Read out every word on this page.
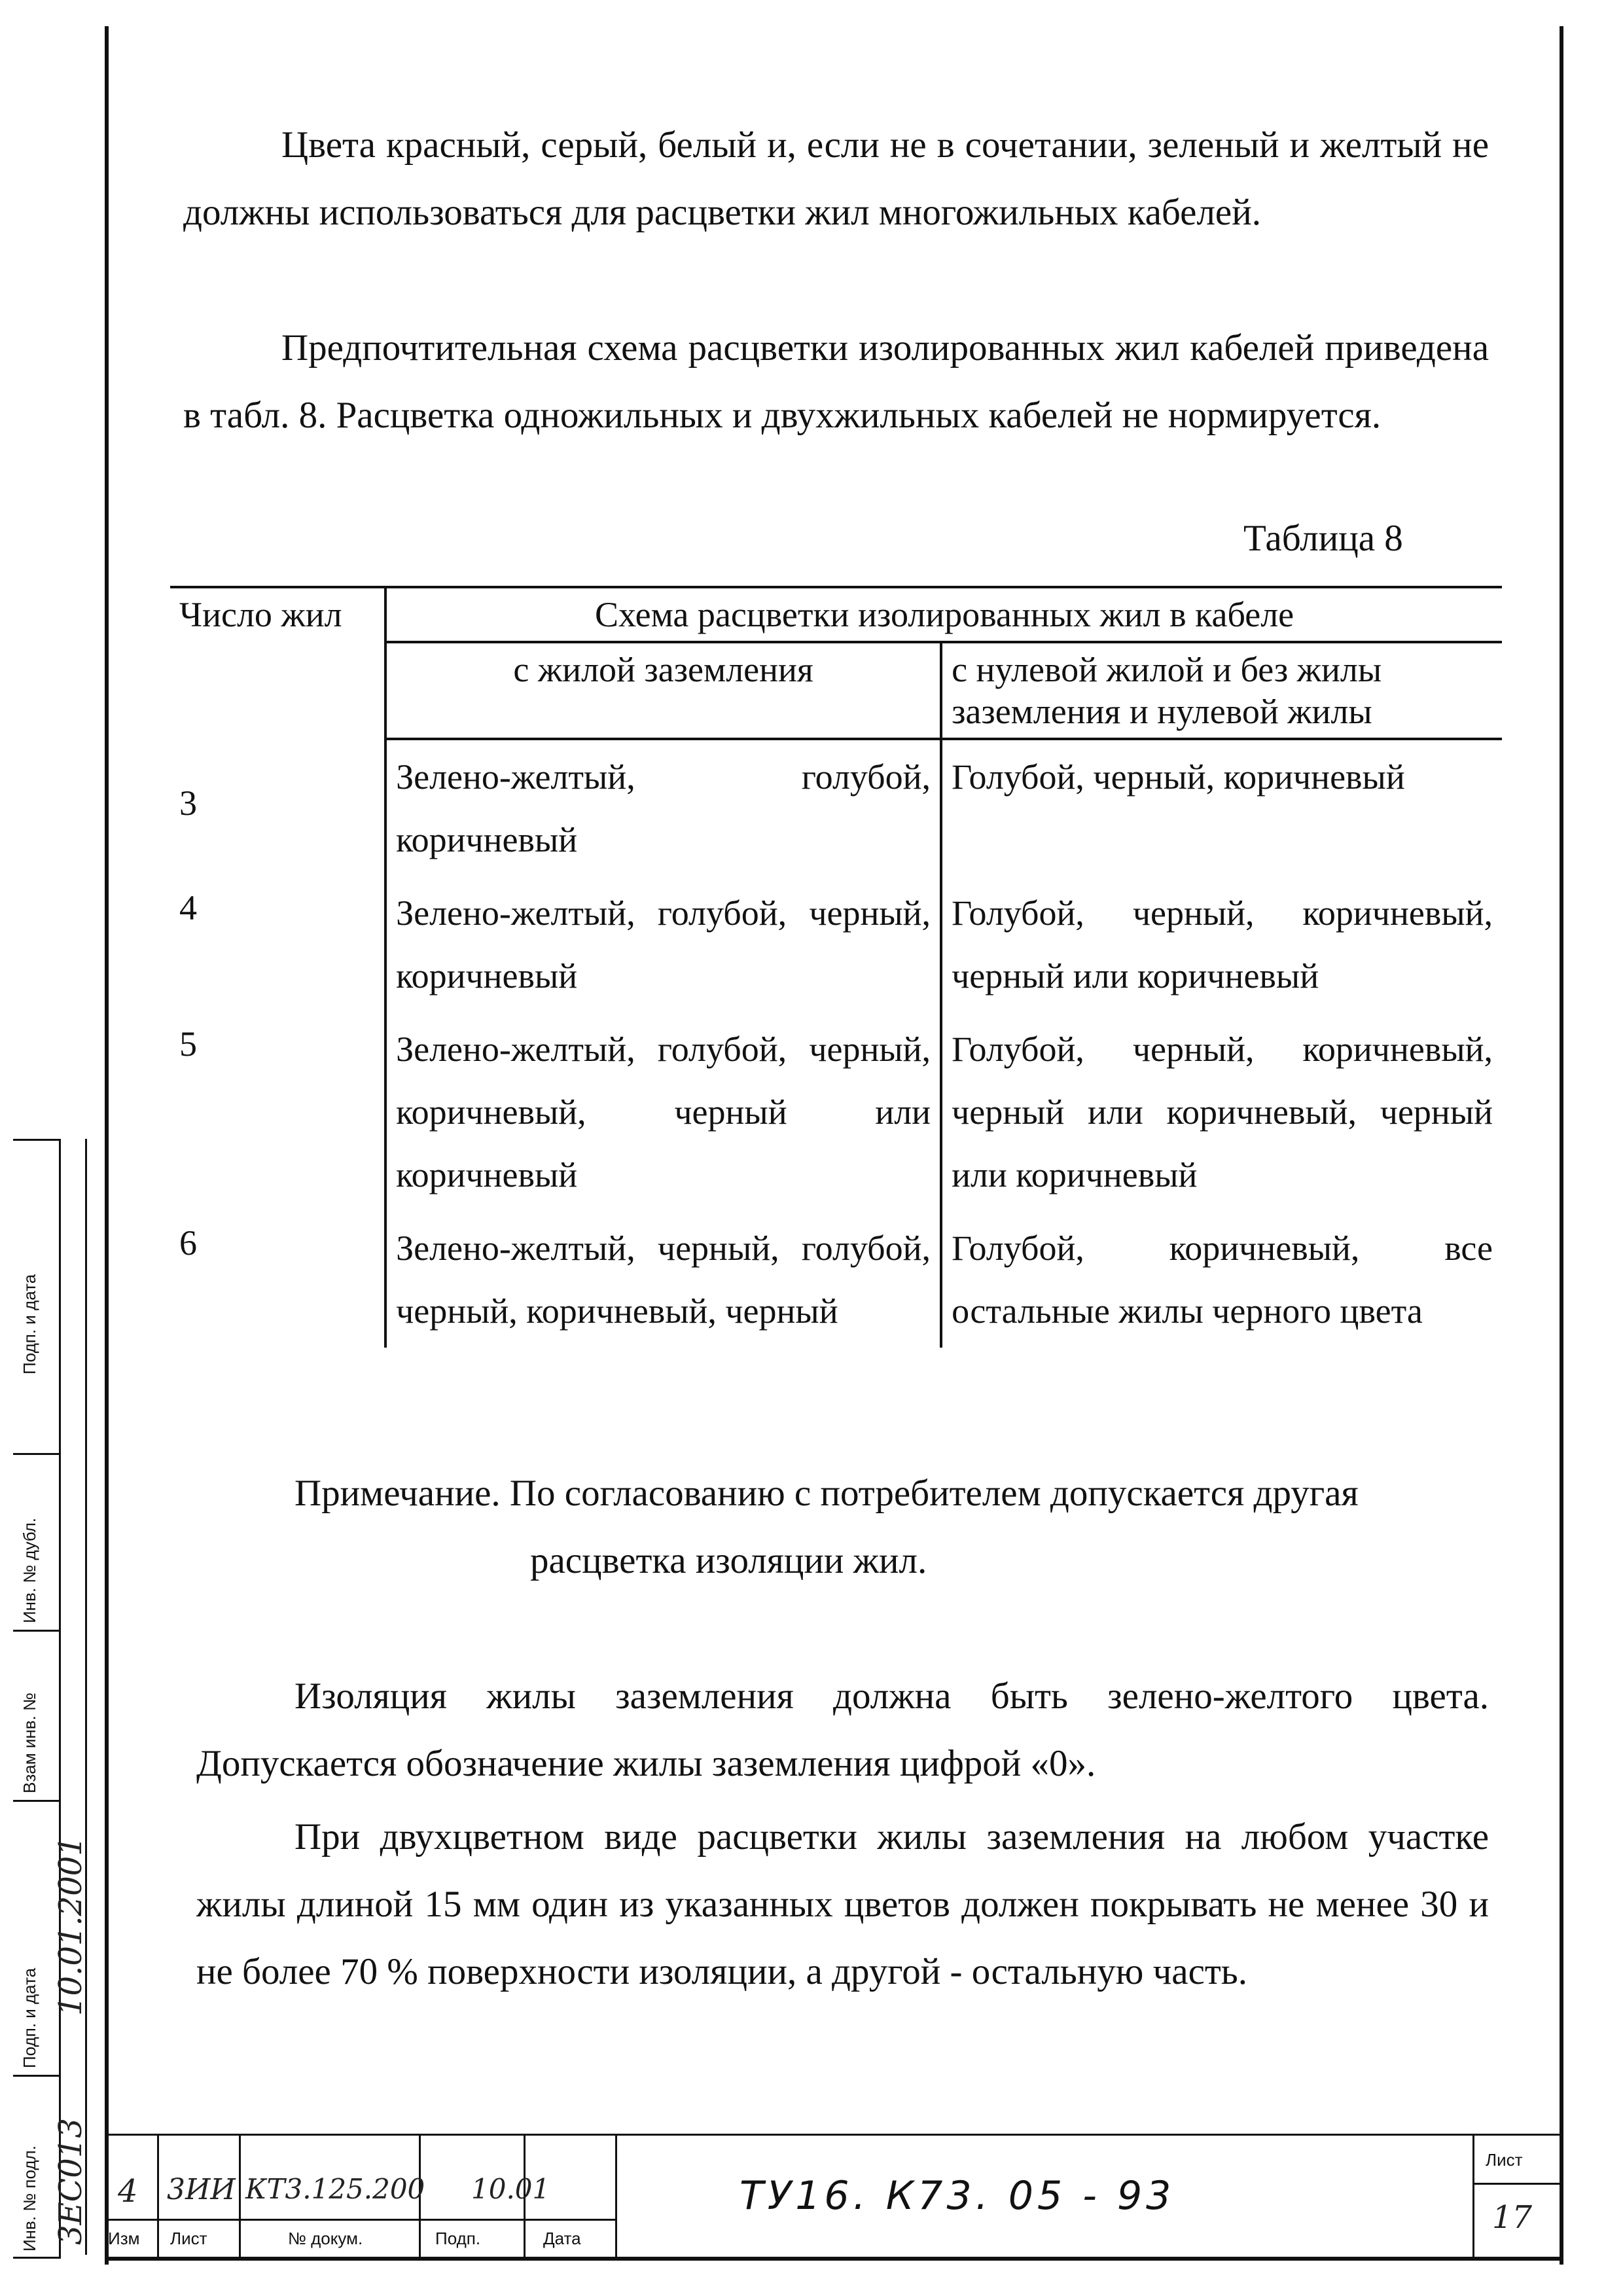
Цвета красный, серый, белый и, если не в сочетании, зеленый и желтый не должны использоваться для расцветки жил многожильных кабелей.
Предпочтительная схема расцветки изолированных жил кабелей приведена в табл. 8. Расцветка одножильных и двухжильных кабелей не нормируется.
Таблица 8
Число жил	Схема расцветки изолированных жил в кабеле	
	с жилой заземления	с нулевой жилой и без жилы заземления и нулевой жилы
3	Зелено-желтый, голубой, коричневый	Голубой, черный, коричневый
4	Зелено-желтый, голубой, черный, коричневый	Голубой, черный, коричневый, черный или коричневый
5	Зелено-желтый, голубой, черный, коричневый, черный или коричневый	Голубой, черный, коричневый, черный или коричневый, черный или коричневый
6	Зелено-желтый, черный, голубой, черный, коричневый, черный	Голубой, коричневый, все остальные жилы черного цвета
Примечание. По согласованию с потребителем допускается другая
расцветка изоляции жил.
Изоляция жилы заземления должна быть зелено-желтого цвета. Допускается обозначение жилы заземления цифрой «0».
При двухцветном виде расцветки жилы заземления на любом участке жилы длиной 15 мм один из указанных цветов должен покрывать не менее 30 и не более 70 % поверхности изоляции, а другой - остальную часть.
Инв. № подл.
Подп. и дата
Взам инв. №
Инв. № дубл.
Подп. и дата
3ЕС013
10.01.2001
4 3ИИ КТ3.125.200 10.01
Изм Лист	№ докум.	Подп.	Дата
ТУ16. К73. 05 - 93
Лист
17
